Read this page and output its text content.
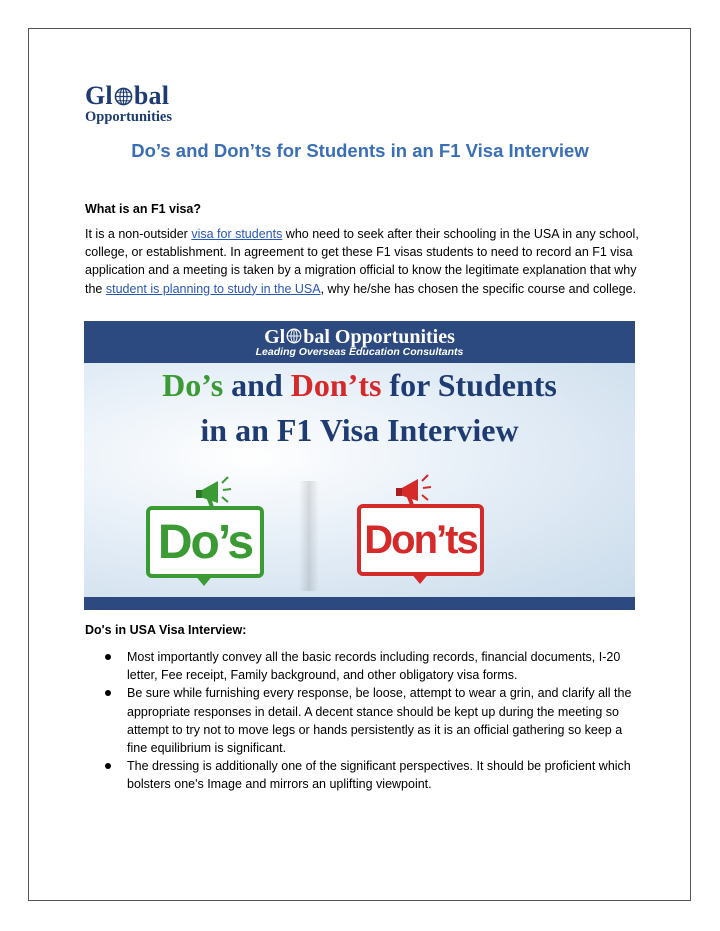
Gl bal
Opportunities
Do’s and Don’ts for Students in an F1 Visa Interview
What is an F1 visa?
It is a non-outsider visa for students who need to seek after their schooling in the USA in any school, college, or establishment. In agreement to get these F1 visas students to need to record an F1 visa application and a meeting is taken by a migration official to know the legitimate explanation that why the student is planning to study in the USA, why he/she has chosen the specific course and college.
Gl bal Opportunities
Leading Overseas Education Consultants
Do’s and Don’ts for Students
in an F1 Visa Interview
Do’s	Don’ts
Do's in USA Visa Interview:
Most importantly convey all the basic records including records, financial documents, I-20 letter, Fee receipt, Family background, and other obligatory visa forms.
Be sure while furnishing every response, be loose, attempt to wear a grin, and clarify all the appropriate responses in detail. A decent stance should be kept up during the meeting so attempt to try not to move legs or hands persistently as it is an official gathering so keep a fine equilibrium is significant.
The dressing is additionally one of the significant perspectives. It should be proficient which bolsters one's Image and mirrors an uplifting viewpoint.
